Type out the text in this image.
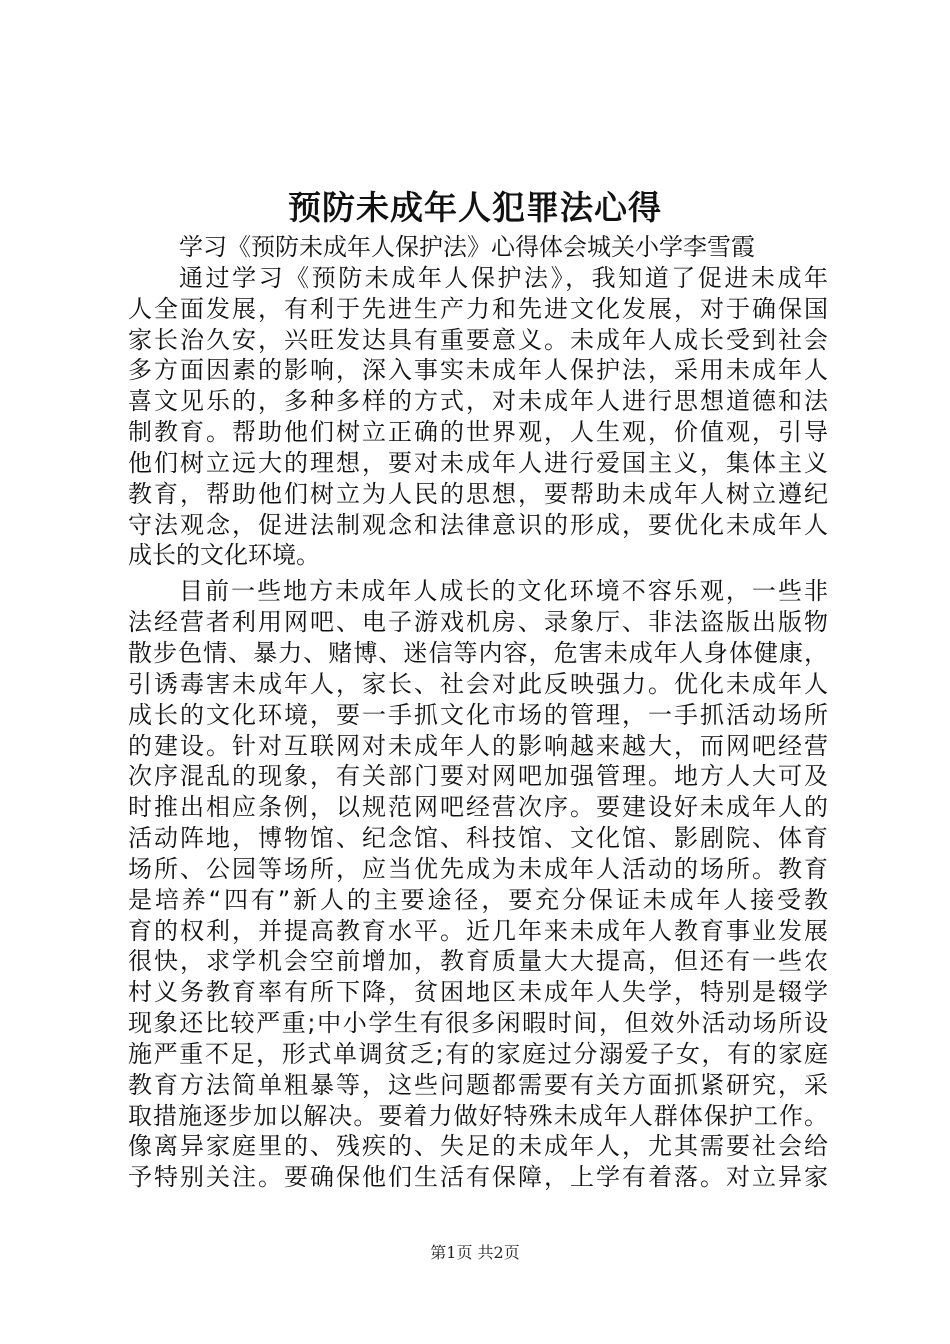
预防未成年人犯罪法心得
学习《预防未成年人保护法》心得体会城关小学李雪霞
通过学习《预防未成年人保护法》，我知道了促进未成年
人全面发展，有利于先进生产力和先进文化发展，对于确保国
家长治久安，兴旺发达具有重要意义。未成年人成长受到社会
多方面因素的影响，深入事实未成年人保护法，采用未成年人
喜文见乐的，多种多样的方式，对未成年人进行思想道德和法
制教育。帮助他们树立正确的世界观，人生观，价值观，引导
他们树立远大的理想，要对未成年人进行爱国主义，集体主义
教育，帮助他们树立为人民的思想，要帮助未成年人树立遵纪
守法观念，促进法制观念和法律意识的形成，要优化未成年人
成长的文化环境。
目前一些地方未成年人成长的文化环境不容乐观，一些非
法经营者利用网吧、电子游戏机房、录象厅、非法盗版出版物
散步色情、暴力、赌博、迷信等内容，危害未成年人身体健康，
引诱毒害未成年人，家长、社会对此反映强力。优化未成年人
成长的文化环境，要一手抓文化市场的管理，一手抓活动场所
的建设。针对互联网对未成年人的影响越来越大，而网吧经营
次序混乱的现象，有关部门要对网吧加强管理。地方人大可及
时推出相应条例，以规范网吧经营次序。要建设好未成年人的
活动阵地，博物馆、纪念馆、科技馆、文化馆、影剧院、体育
场所、公园等场所，应当优先成为未成年人活动的场所。教育
是培养“四有”新人的主要途径，要充分保证未成年人接受教
育的权利，并提高教育水平。近几年来未成年人教育事业发展
很快，求学机会空前增加，教育质量大大提高，但还有一些农
村义务教育率有所下降，贫困地区未成年人失学，特别是辍学
现象还比较严重;中小学生有很多闲暇时间，但效外活动场所设
施严重不足，形式单调贫乏;有的家庭过分溺爱子女，有的家庭
教育方法简单粗暴等，这些问题都需要有关方面抓紧研究，采
取措施逐步加以解决。要着力做好特殊未成年人群体保护工作。
像离异家庭里的、残疾的、失足的未成年人，尤其需要社会给
予特别关注。要确保他们生活有保障，上学有着落。对立异家
第1页 共2页
